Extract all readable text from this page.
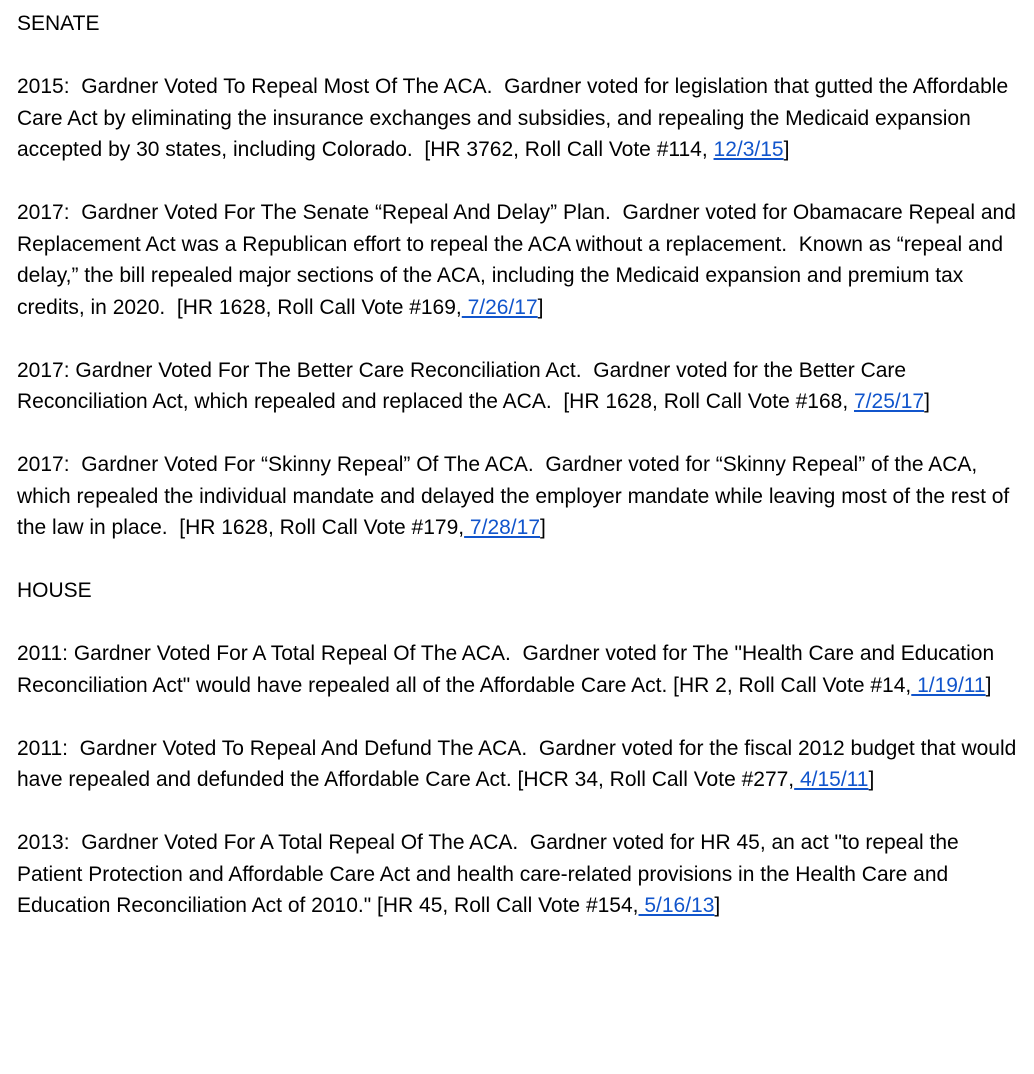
SENATE
2015:  Gardner Voted To Repeal Most Of The ACA.  Gardner voted for legislation that gutted the Affordable Care Act by eliminating the insurance exchanges and subsidies, and repealing the Medicaid expansion accepted by 30 states, including Colorado.  [HR 3762, Roll Call Vote #114, 12/3/15]
2017:  Gardner Voted For The Senate “Repeal And Delay” Plan.  Gardner voted for Obamacare Repeal and Replacement Act was a Republican effort to repeal the ACA without a replacement.  Known as “repeal and delay,” the bill repealed major sections of the ACA, including the Medicaid expansion and premium tax credits, in 2020.  [HR 1628, Roll Call Vote #169, 7/26/17]
2017: Gardner Voted For The Better Care Reconciliation Act.  Gardner voted for the Better Care Reconciliation Act, which repealed and replaced the ACA.  [HR 1628, Roll Call Vote #168, 7/25/17]
2017:  Gardner Voted For “Skinny Repeal” Of The ACA.  Gardner voted for “Skinny Repeal” of the ACA, which repealed the individual mandate and delayed the employer mandate while leaving most of the rest of the law in place.  [HR 1628, Roll Call Vote #179, 7/28/17]
HOUSE
2011: Gardner Voted For A Total Repeal Of The ACA.  Gardner voted for The "Health Care and Education Reconciliation Act" would have repealed all of the Affordable Care Act. [HR 2, Roll Call Vote #14, 1/19/11]
2011:  Gardner Voted To Repeal And Defund The ACA.  Gardner voted for the fiscal 2012 budget that would have repealed and defunded the Affordable Care Act. [HCR 34, Roll Call Vote #277, 4/15/11]
2013:  Gardner Voted For A Total Repeal Of The ACA.  Gardner voted for HR 45, an act "to repeal the Patient Protection and Affordable Care Act and health care-related provisions in the Health Care and Education Reconciliation Act of 2010." [HR 45, Roll Call Vote #154, 5/16/13]
